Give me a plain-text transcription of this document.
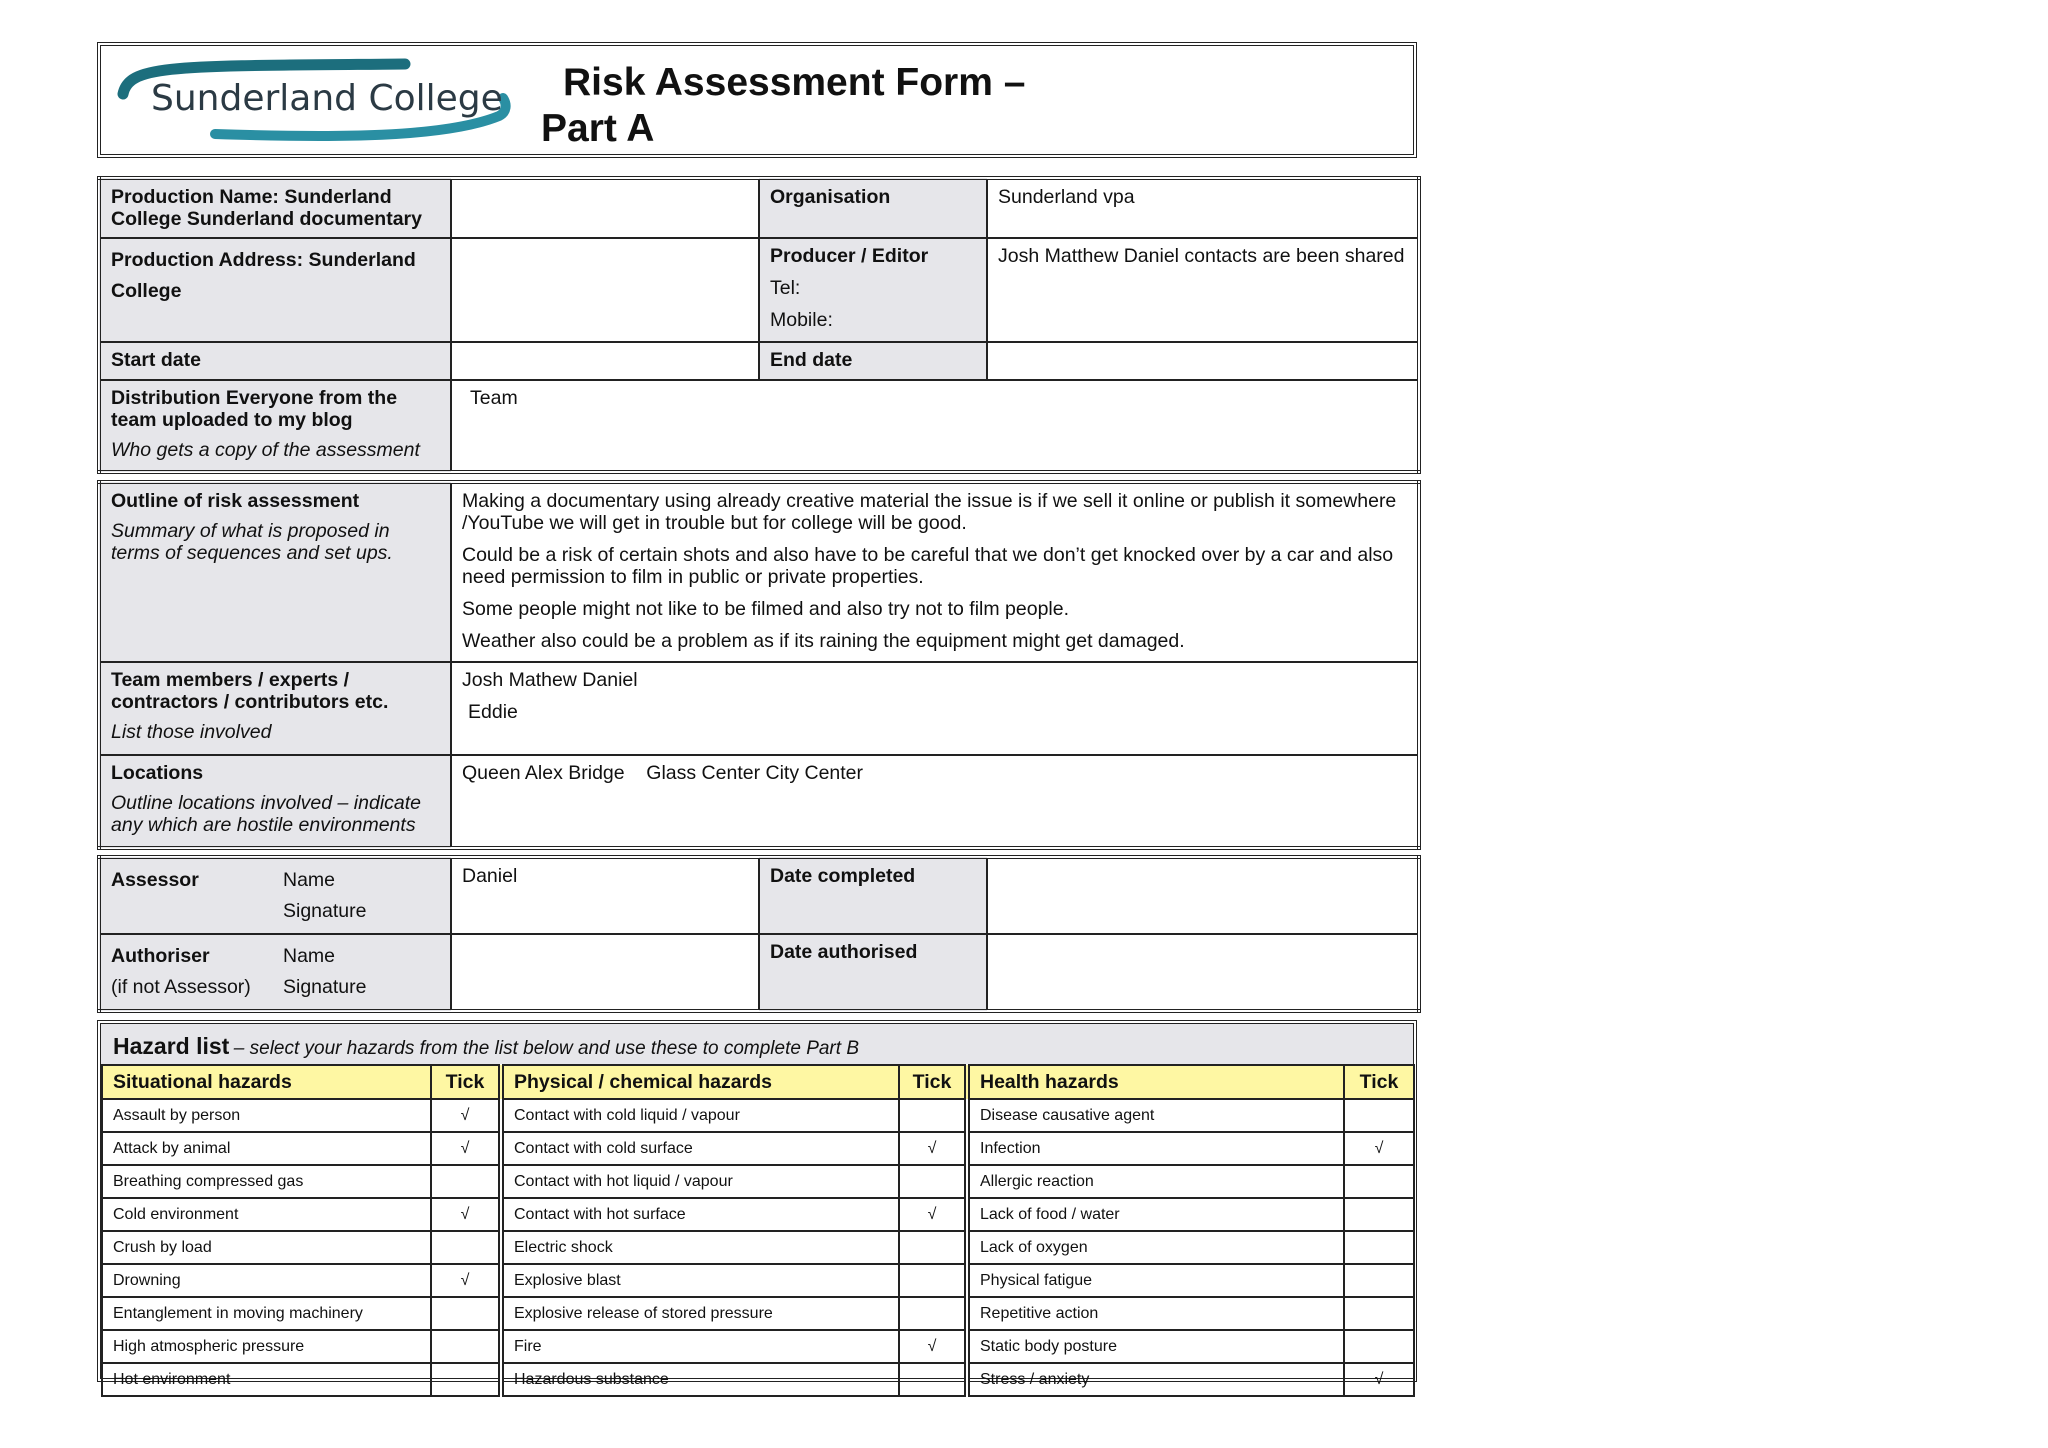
Sunderland College	Risk Assessment Form –
Part A
Production Name: Sunderland College Sunderland documentary		Organisation	Sunderland vpa
Production Address: Sunderland College		Producer / Editor
Tel:
Mobile:	Josh Matthew Daniel contacts are been shared
Start date		End date	
Distribution Everyone from the team uploaded to my blog
Who gets a copy of the assessment	Team		
Outline of risk assessment
Summary of what is proposed in terms of sequences and set ups.	Making a documentary using already creative material the issue is if we sell it online or publish it somewhere /YouTube we will get in trouble but for college will be good.
Could be a risk of certain shots and also have to be careful that we don’t get knocked over by a car and also need permission to film in public or private properties.
Some people might not like to be filmed and also try not to film people.
Weather also could be a problem as if its raining the equipment might get damaged.

Team members / experts / contractors / contributors etc.
List those involved	Josh Mathew Daniel
Eddie

Locations
Outline locations involved – indicate any which are hostile environments	Queen Alex Bridge    Glass Center City Center
Assessor Name
Signature	Daniel	Date completed	
Authoriser Name
(if not Assessor) Signature		Date authorised	
Hazard list – select your hazards from the list below and use these to complete Part B
Situational hazards	Tick		Physical / chemical hazards	Tick		Health hazards	Tick
Assault by person	√		Contact with cold liquid / vapour			Disease causative agent	
Attack by animal	√		Contact with cold surface	√		Infection	√
Breathing compressed gas			Contact with hot liquid / vapour			Allergic reaction	
Cold environment	√		Contact with hot surface	√		Lack of food / water	
Crush by load			Electric shock			Lack of oxygen	
Drowning	√		Explosive blast			Physical fatigue	
Entanglement in moving machinery			Explosive release of stored pressure			Repetitive action	
High atmospheric pressure			Fire	√		Static body posture	
Hot environment			Hazardous substance			Stress / anxiety	√
